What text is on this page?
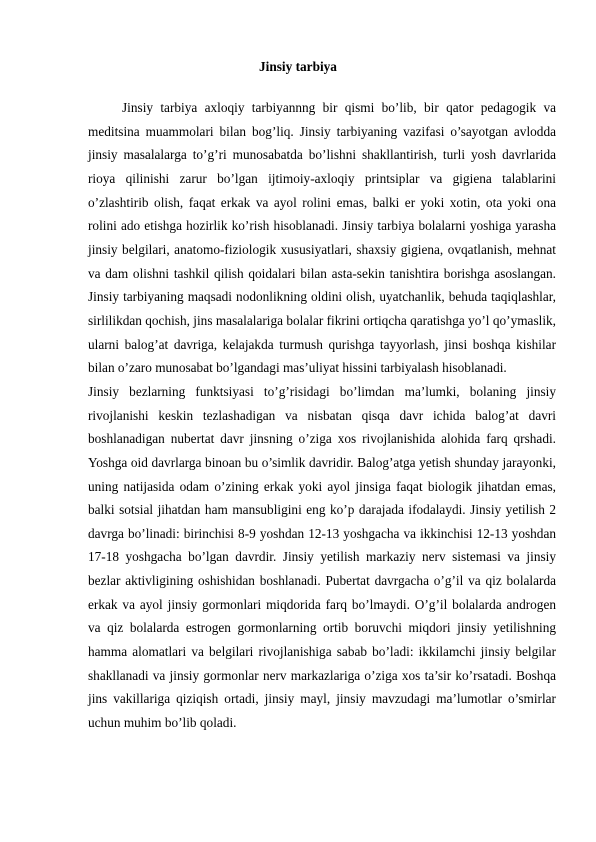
Jinsiy tarbiya

Jinsiy tarbiya axloqiy tarbiyannng bir qismi bo’lib, bir qator pedagogik va meditsina muammolari bilan bog’liq. Jinsiy tarbiyaning vazifasi o’sayotgan avlodda jinsiy masalalarga to’g’ri munosabatda bo’lishni shakllantirish, turli yosh davrlarida rioya qilinishi zarur bo’lgan ijtimoiy-axloqiy printsiplar va gigiena talablarini o’zlashtirib olish, faqat erkak va ayol rolini emas, balki er yoki xotin, ota yoki ona rolini ado etishga hozirlik ko’rish hisoblanadi. Jinsiy tarbiya bolalarni yoshiga yarasha jinsiy belgilari, anatomo-fiziologik xususiyatlari, shaxsiy gigiena, ovqatlanish, mehnat va dam olishni tashkil qilish qoidalari bilan asta-sekin tanishtira borishga asoslangan. Jinsiy tarbiyaning maqsadi nodonlikning oldini olish, uyatchanlik, behuda taqiqlashlar, sirlilikdan qochish, jins masalalariga bolalar fikrini ortiqcha qaratishga yo’l qo’ymaslik, ularni balog’at davriga, kelajakda turmush qurishga tayyorlash, jinsi boshqa kishilar bilan o’zaro munosabat bo’lgandagi mas’uliyat hissini tarbiyalash hisoblanadi.

Jinsiy bezlarning funktsiyasi to’g’risidagi bo’limdan ma’lumki, bolaning jinsiy rivojlanishi keskin tezlashadigan va nisbatan qisqa davr ichida balog’at davri boshlanadigan nubertat davr jinsning o’ziga xos rivojlanishida alohida farq qrshadi. Yoshga oid davrlarga binoan bu o’simlik davridir. Balog’atga yetish shunday jarayonki, uning natijasida odam o’zining erkak yoki ayol jinsiga faqat biologik jihatdan emas, balki sotsial jihatdan ham mansubligini eng ko’p darajada ifodalaydi. Jinsiy yetilish 2 davrga bo’linadi: birinchisi 8-9 yoshdan 12-13 yoshgacha va ikkinchisi 12-13 yoshdan 17-18 yoshgacha bo’lgan davrdir. Jinsiy yetilish markaziy nerv sistemasi va jinsiy bezlar aktivligining oshishidan boshlanadi. Pubertat davrgacha o’g’il va qiz bolalarda erkak va ayol jinsiy gormonlari miqdorida farq bo’lmaydi. O’g’il bolalarda androgen va qiz bolalarda estrogen gormonlarning ortib boruvchi miqdori jinsiy yetilishning hamma alomatlari va belgilari rivojlanishiga sabab bo’ladi: ikkilamchi jinsiy belgilar shakllanadi va jinsiy gormonlar nerv markazlariga o’ziga xos ta’sir ko’rsatadi. Boshqa jins vakillariga qiziqish ortadi, jinsiy mayl, jinsiy mavzudagi ma’lumotlar o’smirlar uchun muhim bo’lib qoladi.
